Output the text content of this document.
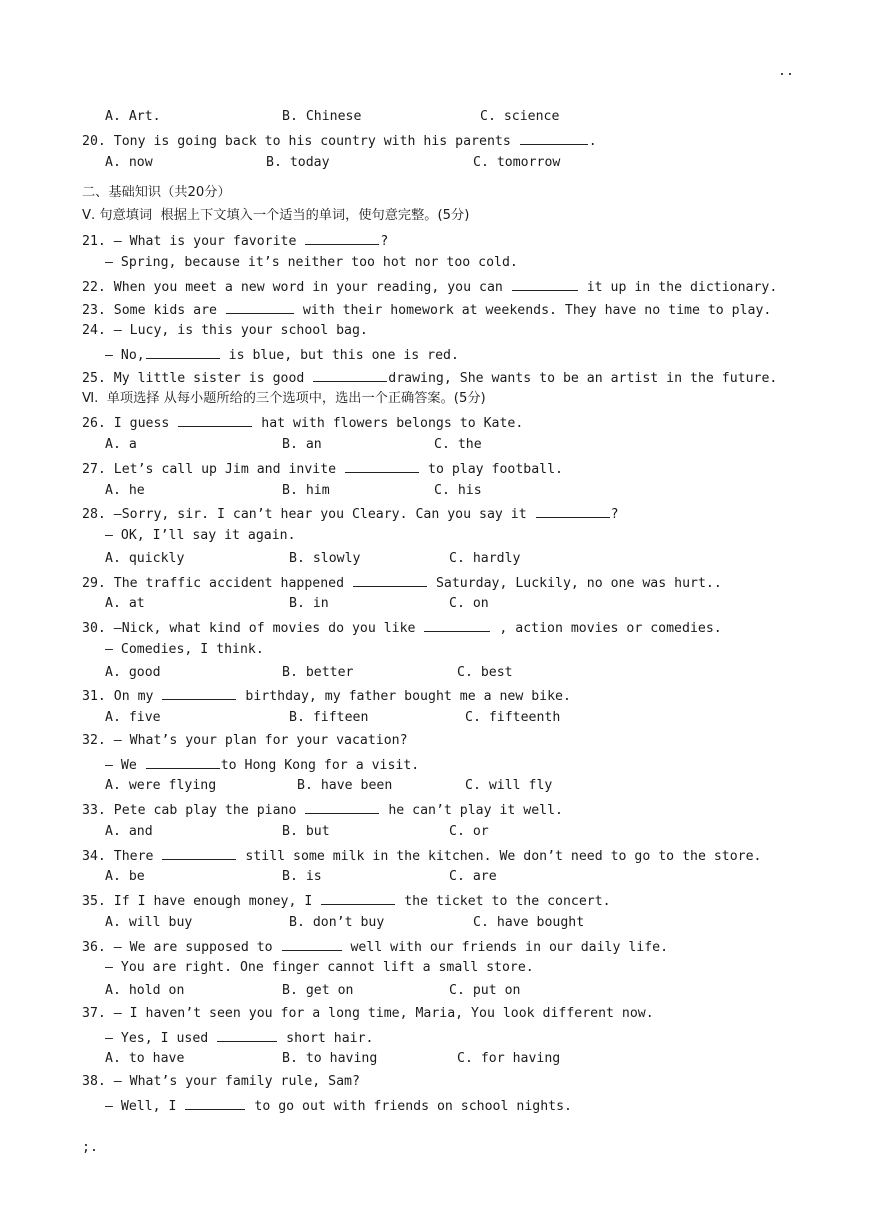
..
A. Art.	B. Chinese	C. science
20. Tony is going back to his country with his parents	.
A. now	B. today	C. tomorrow
二、基础知识（共20分）
Ⅴ. 句意填词  根据上下文填入一个适当的单词，使句意完整。(5分)
21. — What is your favorite	?
— Spring, because it’s neither too hot nor too cold.
22. When you meet a new word in your reading, you can	it up in the dictionary.
23. Some kids are	with their homework at weekends. They have no time to play.
24. — Lucy, is this your school bag.
— No,	is blue, but this one is red.
25. My little sister is good	drawing, She wants to be an artist in the future.
Ⅵ.  单项选择 从每小题所给的三个选项中，选出一个正确答案。(5分)
26. I guess	hat with flowers belongs to Kate.
A. a	B. an	C. the
27. Let’s call up Jim and invite	to play football.
A. he	B. him	C. his
28. —Sorry, sir. I can’t hear you Cleary. Can you say it	?
— OK, I’ll say it again.
A. quickly	B. slowly	C. hardly
29. The traffic accident happened	Saturday, Luckily, no one was hurt..
A. at	B. in	C. on
30. —Nick, what kind of movies do you like	, action movies or comedies.
— Comedies, I think.
A. good	B. better	C. best
31. On my	birthday, my father bought me a new bike.
A. five	B. fifteen	C. fifteenth
32. — What’s your plan for your vacation?
— We	to Hong Kong for a visit.
A. were flying	B. have been	C. will fly
33. Pete cab play the piano	he can’t play it well.
A. and	B. but	C. or
34. There	still some milk in the kitchen. We don’t need to go to the store.
A. be	B. is	C. are
35. If I have enough money, I	the ticket to the concert.
A. will buy	B. don’t buy	C. have bought
36. — We are supposed to	well with our friends in our daily life.
— You are right. One finger cannot lift a small store.
A. hold on	B. get on	C. put on
37. — I haven’t seen you for a long time, Maria, You look different now.
— Yes, I used	short hair.
A. to have	B. to having	C. for having
38. — What’s your family rule, Sam?
— Well, I	to go out with friends on school nights.
;.
